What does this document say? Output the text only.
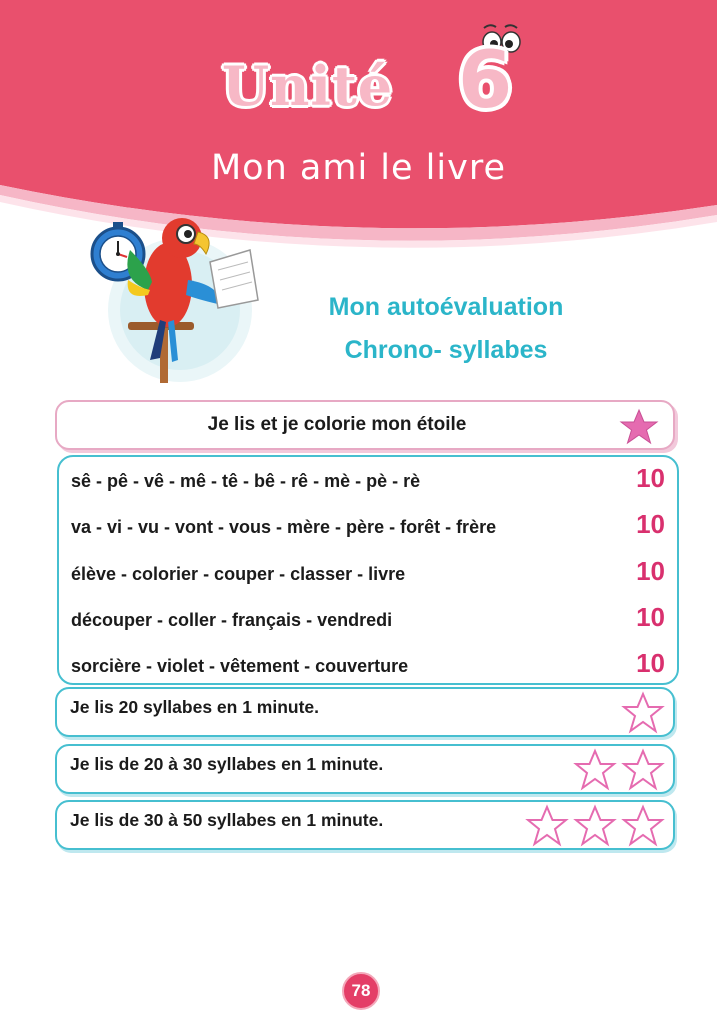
Unité 6
Mon ami le livre
Mon autoévaluation
Chrono- syllabes
Je lis et je colorie mon étoile
sê - pê - vê - mê - tê - bê - rê - mè - pè - rè	10
va - vi - vu - vont - vous - mère - père - forêt - frère	10
élève - colorier - couper - classer - livre	10
découper - coller - français - vendredi	10
sorcière - violet - vêtement - couverture	10
Je lis 20 syllabes en 1 minute.
Je lis de 20 à 30 syllabes en 1 minute.
Je lis de 30 à 50 syllabes en 1 minute.
78
